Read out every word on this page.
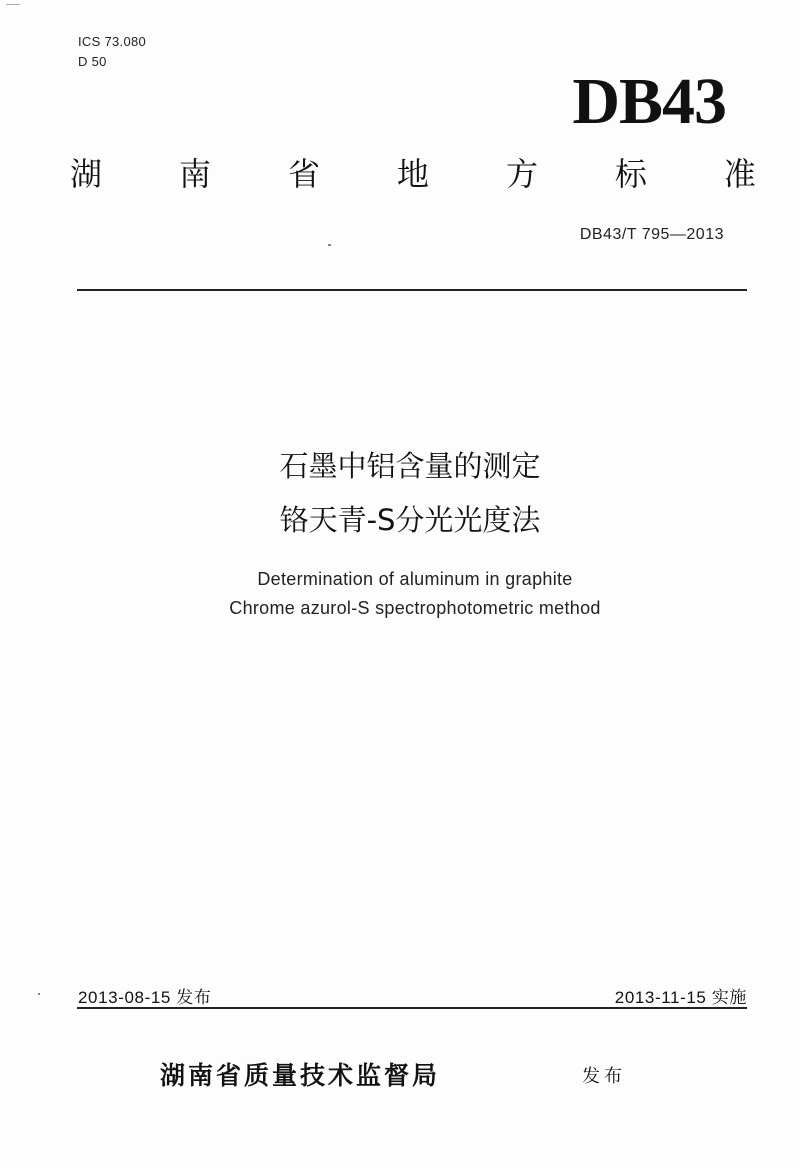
ICS 73.080
D 50
DB43
湖 南 省 地 方 标 准
DB43/T 795—2013
石墨中铝含量的测定
铬天青-S分光光度法
Determination of aluminum in graphite
Chrome azurol-S spectrophotometric method
2013-08-15 发布	2013-11-15 实施
湖南省质量技术监督局	发布
